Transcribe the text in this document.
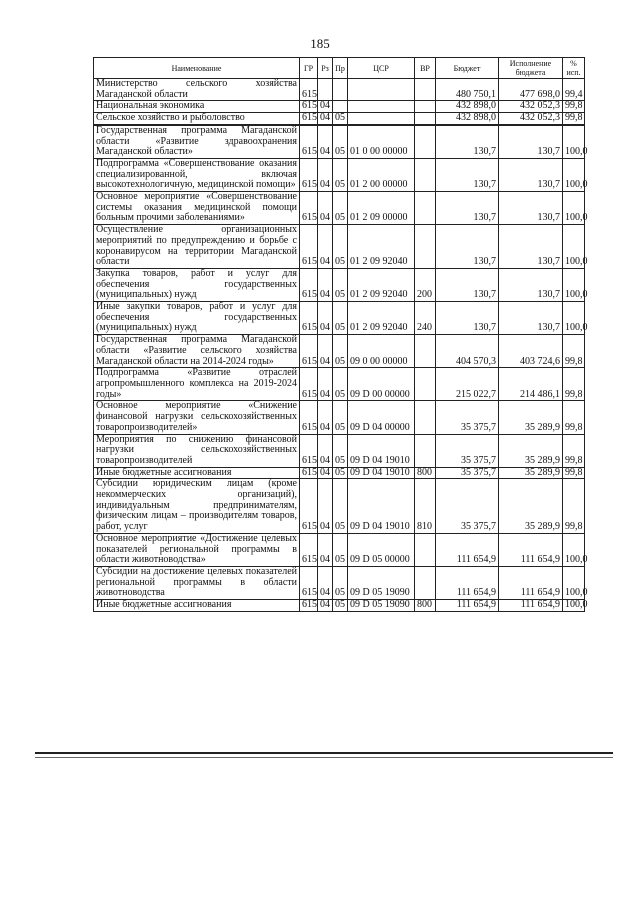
185
Наименование	ГР	Рз	Пр	ЦСР	ВР	Бюджет	Исполнение бюджета	% исп.
Министерство сельского хозяйства Магаданской области	615					480 750,1	477 698,0	99,4
Национальная экономика	615	04				432 898,0	432 052,3	99,8
Сельское хозяйство и рыболовство	615	04	05			432 898,0	432 052,3	99,8
Государственная программа Магаданской области «Развитие здравоохранения Магаданской области»	615	04	05	01 0 00 00000		130,7	130,7	100,0
Подпрограмма «Совершенствование оказания специализированной, включая высокотехнологичную, медицинской помощи»	615	04	05	01 2 00 00000		130,7	130,7	100,0
Основное мероприятие «Совершенствование системы оказания медицинской помощи больным прочими заболеваниями»	615	04	05	01 2 09 00000		130,7	130,7	100,0
Осуществление организационных мероприятий по предупреждению и борьбе с коронавирусом на территории Магаданской области	615	04	05	01 2 09 92040		130,7	130,7	100,0
Закупка товаров, работ и услуг для обеспечения государственных (муниципальных) нужд	615	04	05	01 2 09 92040	200	130,7	130,7	100,0
Иные закупки товаров, работ и услуг для обеспечения государственных (муниципальных) нужд	615	04	05	01 2 09 92040	240	130,7	130,7	100,0
Государственная программа Магаданской области «Развитие сельского хозяйства Магаданской области на 2014-2024 годы»	615	04	05	09 0 00 00000		404 570,3	403 724,6	99,8
Подпрограмма «Развитие отраслей агропромышленного комплекса на 2019-2024 годы»	615	04	05	09 D 00 00000		215 022,7	214 486,1	99,8
Основное мероприятие «Снижение финансовой нагрузки сельскохозяйственных товаропроизводителей»	615	04	05	09 D 04 00000		35 375,7	35 289,9	99,8
Мероприятия по снижению финансовой нагрузки сельскохозяйственных товаропроизводителей	615	04	05	09 D 04 19010		35 375,7	35 289,9	99,8
Иные бюджетные ассигнования	615	04	05	09 D 04 19010	800	35 375,7	35 289,9	99,8
Субсидии юридическим лицам (кроме некоммерческих организаций), индивидуальным предпринимателям, физическим лицам – производителям товаров, работ, услуг	615	04	05	09 D 04 19010	810	35 375,7	35 289,9	99,8
Основное мероприятие «Достижение целевых показателей региональной программы в области животноводства»	615	04	05	09 D 05 00000		111 654,9	111 654,9	100,0
Субсидии на достижение целевых показателей региональной программы в области животноводства	615	04	05	09 D 05 19090		111 654,9	111 654,9	100,0
Иные бюджетные ассигнования	615	04	05	09 D 05 19090	800	111 654,9	111 654,9	100,0
